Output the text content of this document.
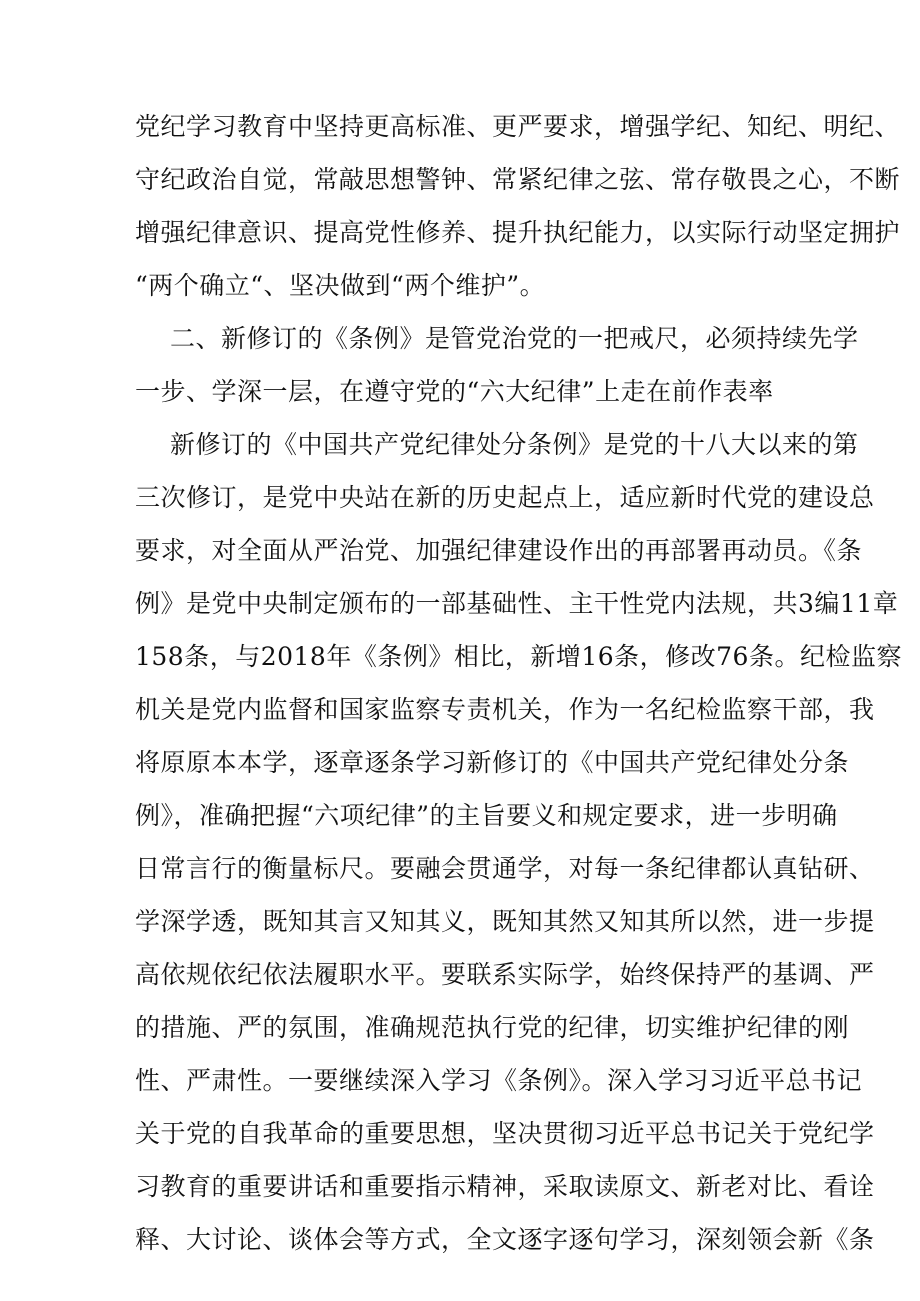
党纪学习教育中坚持更高标准、更严要求，增强学纪、知纪、明纪、
守纪政治自觉，常敲思想警钟、常紧纪律之弦、常存敬畏之心，不断
增强纪律意识、提高党性修养、提升执纪能力，以实际行动坚定拥护
“两个确立“、坚决做到“两个维护”。
二、新修订的《条例》是管党治党的一把戒尺，必须持续先学
一步、学深一层，在遵守党的“六大纪律”上走在前作表率
新修订的《中国共产党纪律处分条例》是党的十八大以来的第
三次修订，是党中央站在新的历史起点上，适应新时代党的建设总
要求，对全面从严治党、加强纪律建设作出的再部署再动员。《条
例》是党中央制定颁布的一部基础性、主干性党内法规，共3编11章
158条，与2018年《条例》相比，新增16条，修改76条。纪检监察
机关是党内监督和国家监察专责机关，作为一名纪检监察干部，我
将原原本本学，逐章逐条学习新修订的《中国共产党纪律处分条
例》，准确把握“六项纪律”的主旨要义和规定要求，进一步明确
日常言行的衡量标尺。要融会贯通学，对每一条纪律都认真钻研、
学深学透，既知其言又知其义，既知其然又知其所以然，进一步提
高依规依纪依法履职水平。要联系实际学，始终保持严的基调、严
的措施、严的氛围，准确规范执行党的纪律，切实维护纪律的刚
性、严肃性。一要继续深入学习《条例》。深入学习习近平总书记
关于党的自我革命的重要思想，坚决贯彻习近平总书记关于党纪学
习教育的重要讲话和重要指示精神，采取读原文、新老对比、看诠
释、大讨论、谈体会等方式，全文逐字逐句学习，深刻领会新《条
